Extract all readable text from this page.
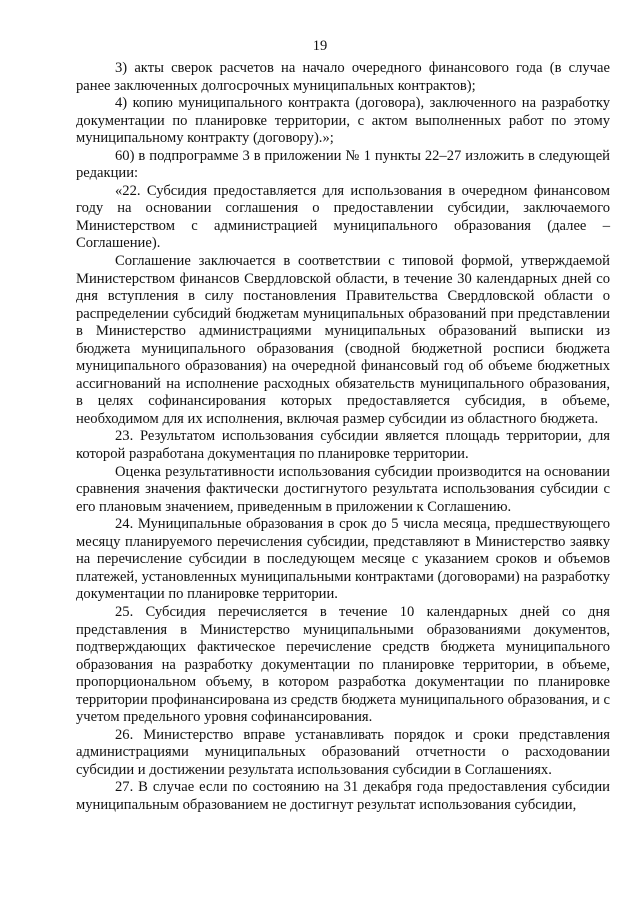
19

3) акты сверок расчетов на начало очередного финансового года (в случае ранее заключенных долгосрочных муниципальных контрактов);

4) копию муниципального контракта (договора), заключенного на разработку документации по планировке территории, с актом выполненных работ по этому муниципальному контракту (договору).»;

60) в подпрограмме 3 в приложении № 1 пункты 22–27 изложить в следующей редакции:

«22. Субсидия предоставляется для использования в очередном финансовом году на основании соглашения о предоставлении субсидии, заключаемого Министерством с администрацией муниципального образования (далее – Соглашение).

Соглашение заключается в соответствии с типовой формой, утверждаемой Министерством финансов Свердловской области, в течение 30 календарных дней со дня вступления в силу постановления Правительства Свердловской области о распределении субсидий бюджетам муниципальных образований при представлении в Министерство администрациями муниципальных образований выписки из бюджета муниципального образования (сводной бюджетной росписи бюджета муниципального образования) на очередной финансовый год об объеме бюджетных ассигнований на исполнение расходных обязательств муниципального образования, в целях софинансирования которых предоставляется субсидия, в объеме, необходимом для их исполнения, включая размер субсидии из областного бюджета.

23. Результатом использования субсидии является площадь территории, для которой разработана документация по планировке территории.

Оценка результативности использования субсидии производится на основании сравнения значения фактически достигнутого результата использования субсидии с его плановым значением, приведенным в приложении к Соглашению.

24. Муниципальные образования в срок до 5 числа месяца, предшествующего месяцу планируемого перечисления субсидии, представляют в Министерство заявку на перечисление субсидии в последующем месяце с указанием сроков и объемов платежей, установленных муниципальными контрактами (договорами) на разработку документации по планировке территории.

25. Субсидия перечисляется в течение 10 календарных дней со дня представления в Министерство муниципальными образованиями документов, подтверждающих фактическое перечисление средств бюджета муниципального образования на разработку документации по планировке территории, в объеме, пропорциональном объему, в котором разработка документации по планировке территории профинансирована из средств бюджета муниципального образования, и с учетом предельного уровня софинансирования.

26. Министерство вправе устанавливать порядок и сроки представления администрациями муниципальных образований отчетности о расходовании субсидии и достижении результата использования субсидии в Соглашениях.

27. В случае если по состоянию на 31 декабря года предоставления субсидии муниципальным образованием не достигнут результат использования субсидии,
